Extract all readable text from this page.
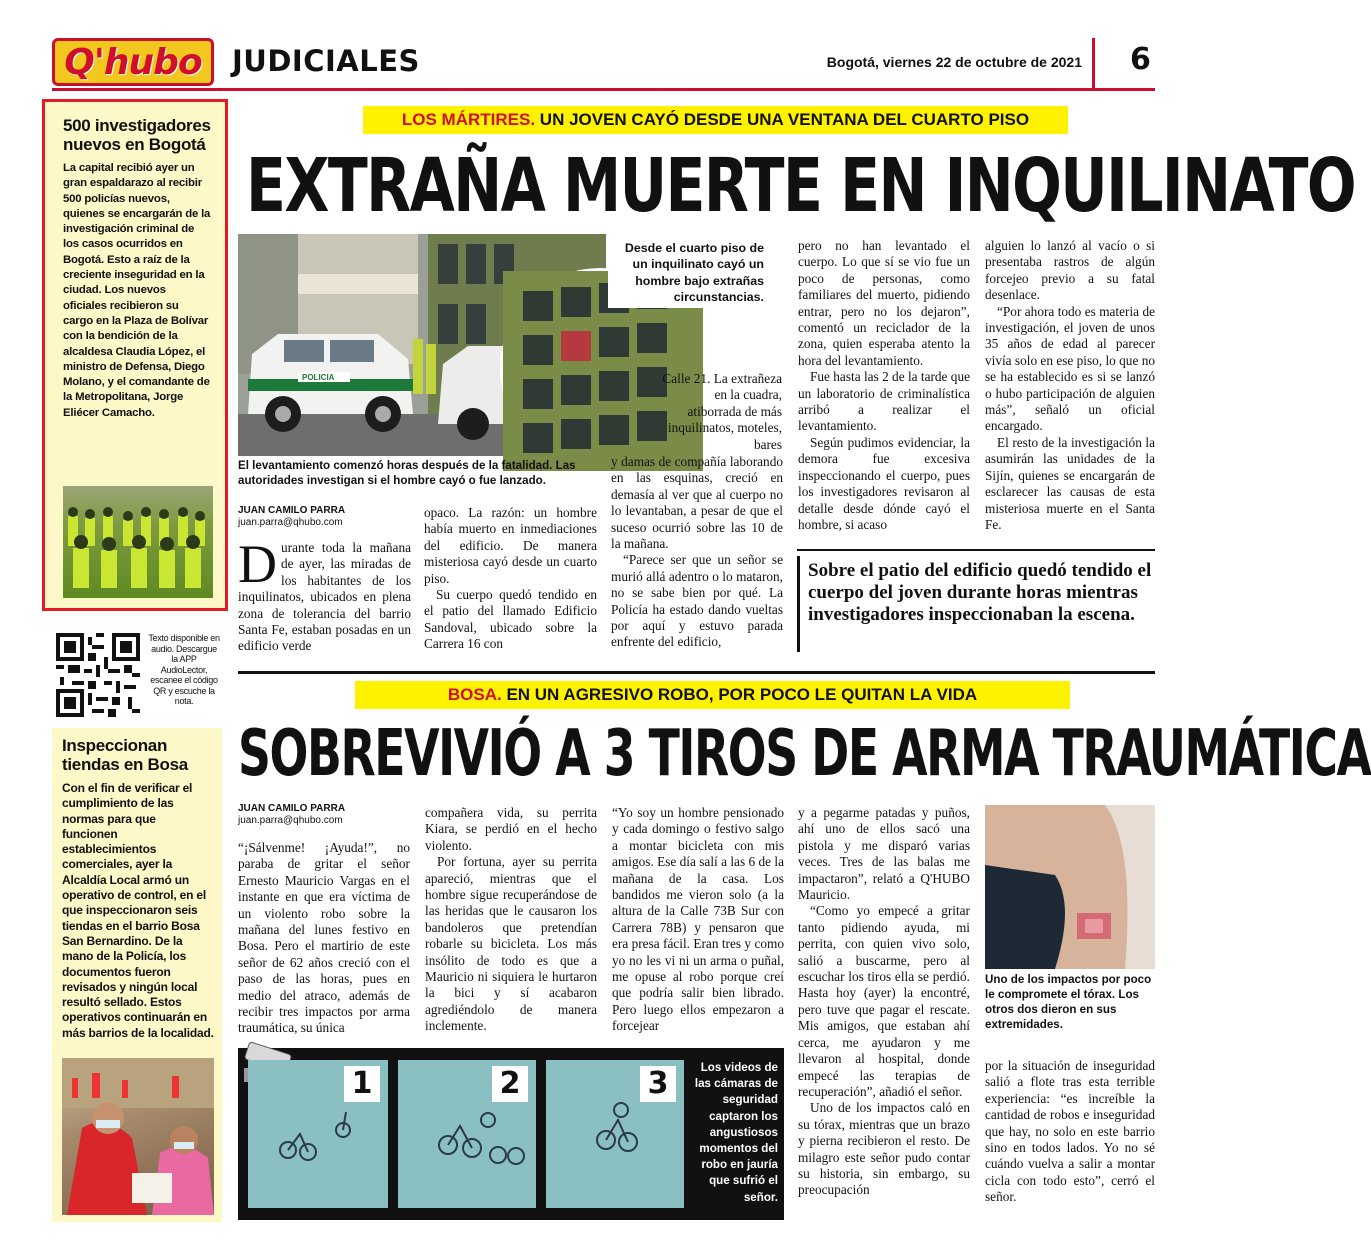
Q'hubo JUDICIALES	Bogotá, viernes 22 de octubre de 2021 6
500 investigadores nuevos en Bogotá
La capital recibió ayer un gran espaldarazo al recibir 500 policías nuevos, quienes se encargarán de la investigación criminal de los casos ocurridos en Bogotá. Esto a raíz de la creciente inseguridad en la ciudad. Los nuevos oficiales recibieron su cargo en la Plaza de Bolívar con la bendición de la alcaldesa Claudia López, el ministro de Defensa, Diego Molano, y el comandante de la Metropolitana, Jorge Eliécer Camacho.
Texto disponible en audio. Descargue la APP AudioLector, escanee el código QR y escuche la nota.
Inspeccionan tiendas en Bosa
Con el fin de verificar el cumplimiento de las normas para que funcionen establecimientos comerciales, ayer la Alcaldía Local armó un operativo de control, en el que inspeccionaron seis tiendas en el barrio Bosa San Bernardino. De la mano de la Policía, los documentos fueron revisados y ningún local resultó sellado. Estos operativos continuarán en más barrios de la localidad.
LOS MÁRTIRES. UN JOVEN CAYÓ DESDE UNA VENTANA DEL CUARTO PISO
EXTRAÑA MUERTE EN INQUILINATO
POLICIA
Desde el cuarto piso de un inquilinato cayó un hombre bajo extrañas circunstancias.
El levantamiento comenzó horas después de la fatalidad. Las autoridades investigan si el hombre cayó o fue lanzado.
JUAN CAMILO PARRA
juan.parra@qhubo.com
Durante toda la mañana de ayer, las miradas de los habitantes de los inquilinatos, ubicados en plena zona de tolerancia del barrio Santa Fe, estaban posadas en un edificio verde

opaco. La razón: un hombre había muerto en inmediaciones del edificio. De manera misteriosa cayó desde un cuarto piso.

Su cuerpo quedó tendido en el patio del llamado Edificio Sandoval, ubicado sobre la Carrera 16 con

Calle 21. La extrañeza en la cuadra, atiborrada de más inquilinatos, moteles, bares

y damas de compañía laborando en las esquinas, creció en demasía al ver que al cuerpo no lo levantaban, a pesar de que el suceso ocurrió sobre las 10 de la mañana.

“Parece ser que un señor se murió allá adentro o lo mataron, no se sabe bien por qué. La Policía ha estado dando vueltas por aquí y estuvo parada enfrente del edificio,

pero no han levantado el cuerpo. Lo que sí se vio fue un poco de personas, como familiares del muerto, pidiendo entrar, pero no los dejaron”, comentó un reciclador de la zona, quien esperaba atento la hora del levantamiento.

Fue hasta las 2 de la tarde que un laboratorio de criminalística arribó a realizar el levantamiento.

Según pudimos evidenciar, la demora fue excesiva inspeccionando el cuerpo, pues los investigadores revisaron al detalle desde dónde cayó el hombre, si acaso

alguien lo lanzó al vacío o si presentaba rastros de algún forcejeo previo a su fatal desenlace.

“Por ahora todo es materia de investigación, el joven de unos 35 años de edad al parecer vivía solo en ese piso, lo que no se ha establecido es si se lanzó o hubo participación de alguien más”, señaló un oficial encargado.

El resto de la investigación la asumirán las unidades de la Sijín, quienes se encargarán de esclarecer las causas de esta misteriosa muerte en el Santa Fe.

Sobre el patio del edificio quedó tendido el cuerpo del joven durante horas mientras investigadores inspeccionaban la escena.
BOSA. EN UN AGRESIVO ROBO, POR POCO LE QUITAN LA VIDA
SOBREVIVIÓ A 3 TIROS DE ARMA TRAUMÁTICA
JUAN CAMILO PARRA
juan.parra@qhubo.com
“¡Sálvenme! ¡Ayuda!”, no paraba de gritar el señor Ernesto Mauricio Vargas en el instante en que era víctima de un violento robo sobre la mañana del lunes festivo en Bosa. Pero el martirio de este señor de 62 años creció con el paso de las horas, pues en medio del atraco, además de recibir tres impactos por arma traumática, su única

compañera vida, su perrita Kiara, se perdió en el hecho violento.

Por fortuna, ayer su perrita apareció, mientras que el hombre sigue recuperándose de las heridas que le causaron los bandoleros que pretendían robarle su bicicleta. Los más insólito de todo es que a Mauricio ni siquiera le hurtaron la bici y sí acabaron agrediéndolo de manera inclemente.

“Yo soy un hombre pensionado y cada domingo o festivo salgo a montar bicicleta con mis amigos. Ese día salí a las 6 de la mañana de la casa. Los bandidos me vieron solo (a la altura de la Calle 73B Sur con Carrera 78B) y pensaron que era presa fácil. Eran tres y como yo no les vi ni un arma o puñal, me opuse al robo porque creí que podría salir bien librado. Pero luego ellos empezaron a forcejear

y a pegarme patadas y puños, ahí uno de ellos sacó una pistola y me disparó varias veces. Tres de las balas me impactaron”, relató a Q'HUBO Mauricio.

“Como yo empecé a gritar tanto pidiendo ayuda, mi perrita, con quien vivo solo, salió a buscarme, pero al escuchar los tiros ella se perdió. Hasta hoy (ayer) la encontré, pero tuve que pagar el rescate. Mis amigos, que estaban ahí cerca, me ayudaron y me llevaron al hospital, donde empecé las terapias de recuperación”, añadió el señor.

Uno de los impactos caló en su tórax, mientras que un brazo y pierna recibieron el resto. De milagro este señor pudo contar su historia, sin embargo, su preocupación

Uno de los impactos por poco le compromete el tórax. Los otros dos dieron en sus extremidades.

por la situación de inseguridad salió a flote tras esta terrible experiencia: “es increíble la cantidad de robos e inseguridad que hay, no solo en este barrio sino en todos lados. Yo no sé cuándo vuelva a salir a montar cicla con todo esto”, cerró el señor.

1	2	3	Los videos de las cámaras de seguridad captaron los angustiosos momentos del robo en jauría que sufrió el señor.
